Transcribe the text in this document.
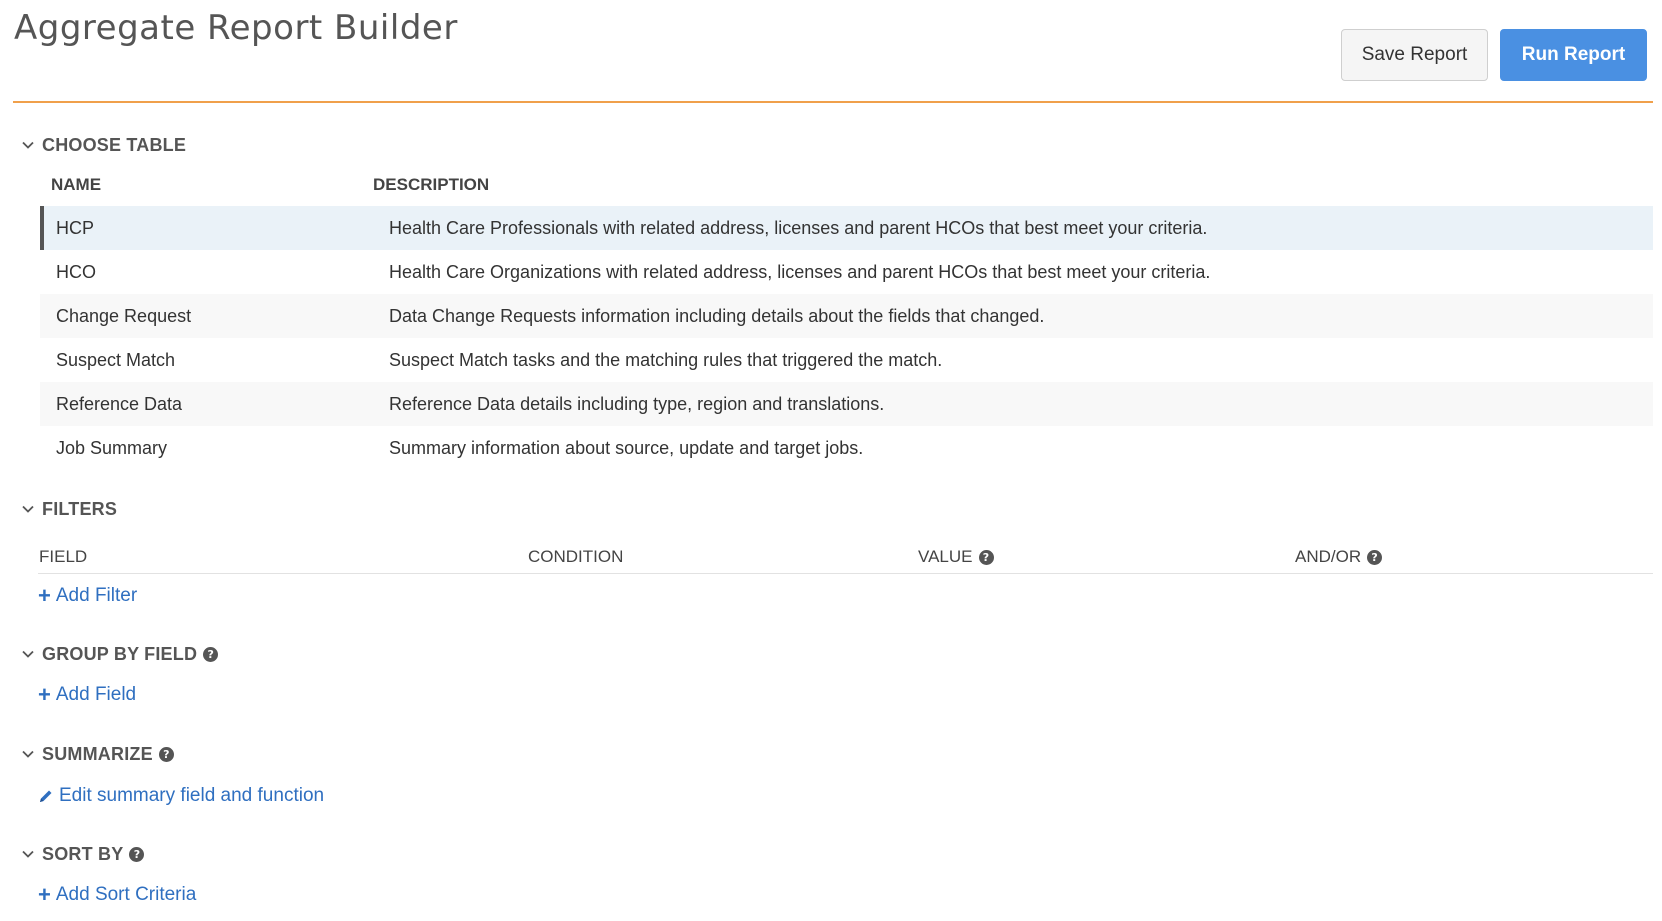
Aggregate Report Builder
Save Report	Run Report
CHOOSE TABLE
NAME	DESCRIPTION
HCP	Health Care Professionals with related address, licenses and parent HCOs that best meet your criteria.
HCO	Health Care Organizations with related address, licenses and parent HCOs that best meet your criteria.
Change Request	Data Change Requests information including details about the fields that changed.
Suspect Match	Suspect Match tasks and the matching rules that triggered the match.
Reference Data	Reference Data details including type, region and translations.
Job Summary	Summary information about source, update and target jobs.
FILTERS
FIELD	CONDITION	VALUE ?	AND/OR ?
+ Add Filter
GROUP BY FIELD ?
+ Add Field
SUMMARIZE ?
Edit summary field and function
SORT BY ?
+ Add Sort Criteria
